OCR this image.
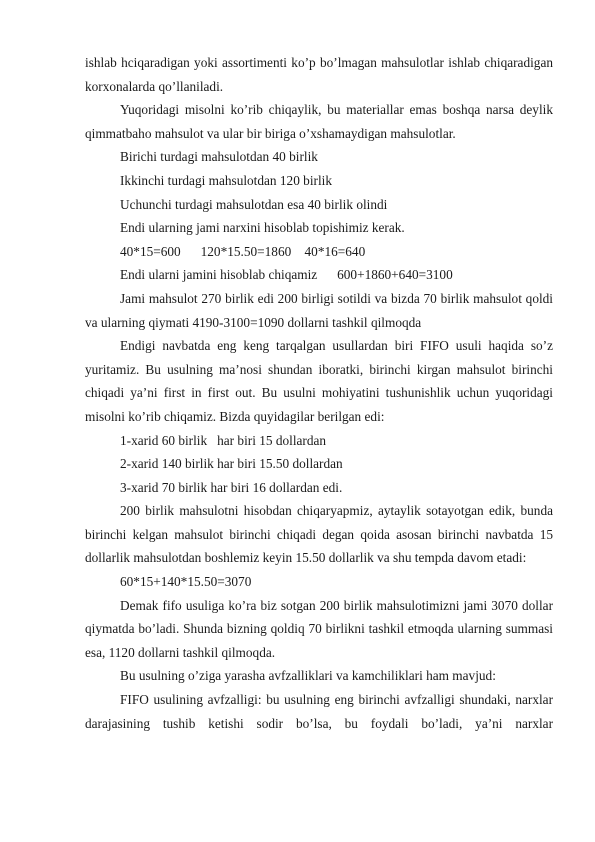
ishlab hciqaradigan yoki assortimenti ko’p bo’lmagan mahsulotlar ishlab chiqaradigan korxonalarda qo’llaniladi.

Yuqoridagi misolni ko’rib chiqaylik, bu materiallar emas boshqa narsa deylik qimmatbaho mahsulot va ular bir biriga o’xshamaydigan mahsulotlar.

Birichi turdagi mahsulotdan 40 birlik

Ikkinchi turdagi mahsulotdan 120 birlik

Uchunchi turdagi mahsulotdan esa 40 birlik olindi

Endi ularning jami narxini hisoblab topishimiz kerak.

40*15=600      120*15.50=1860    40*16=640

Endi ularni jamini hisoblab chiqamiz      600+1860+640=3100

Jami mahsulot 270 birlik edi 200 birligi sotildi va bizda 70 birlik mahsulot qoldi va ularning qiymati 4190-3100=1090 dollarni tashkil qilmoqda

Endigi navbatda eng keng tarqalgan usullardan biri FIFO usuli haqida so’z yuritamiz. Bu usulning ma’nosi shundan iboratki, birinchi kirgan mahsulot birinchi chiqadi ya’ni first in first out. Bu usulni mohiyatini tushunishlik uchun yuqoridagi misolni ko’rib chiqamiz. Bizda quyidagilar berilgan edi:

1-xarid 60 birlik   har biri 15 dollardan

2-xarid 140 birlik har biri 15.50 dollardan

3-xarid 70 birlik har biri 16 dollardan edi.

200 birlik mahsulotni hisobdan chiqaryapmiz, aytaylik sotayotgan edik, bunda birinchi kelgan mahsulot birinchi chiqadi degan qoida asosan birinchi navbatda 15 dollarlik mahsulotdan boshlemiz keyin 15.50 dollarlik va shu tempda davom etadi:

60*15+140*15.50=3070

Demak fifo usuliga ko’ra biz sotgan 200 birlik mahsulotimizni jami 3070 dollar qiymatda bo’ladi. Shunda bizning qoldiq 70 birlikni tashkil etmoqda ularning summasi esa, 1120 dollarni tashkil qilmoqda.

Bu usulning o’ziga yarasha avfzalliklari va kamchiliklari ham mavjud:

FIFO usulining avfzalligi: bu usulning eng birinchi avfzalligi shundaki, narxlar darajasining tushib ketishi sodir bo’lsa, bu foydali bo’ladi, ya’ni narxlar
